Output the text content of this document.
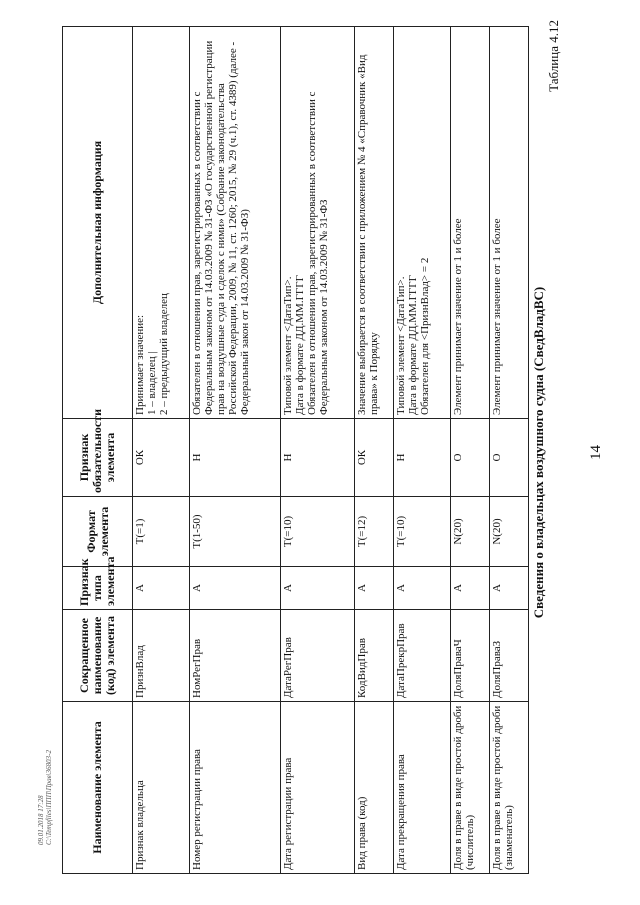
14
Таблица 4.12
Сведения о владельцах воздушного судна (СведВладВС)
Наименование элемента	Сокращенное наименование (код) элемента	Признак типа элемента	Формат элемента	Признак обязательности элемента	Дополнительная информация
Признак владельца	ПризнВлад	А	T(=1)	ОК	Принимает значение:
1 – владелец |
2 – предыдущий владелец
Номер регистрации права	НомРегПрав	А	T(1-50)	Н	Обязателен в отношении прав, зарегистрированных в соответствии с Федеральным законом от 14.03.2009 № 31-ФЗ «О государственной регистрации прав на воздушные суда и сделок с ними» (Собрание законодательства Российской Федерации, 2009, № 11, ст. 1260; 2015, № 29 (ч.1), ст. 4389) (далее - Федеральный закон от 14.03.2009 № 31-ФЗ)
Дата регистрации права	ДатаРегПрав	А	T(=10)	Н	Типовой элемент <ДатаТип>.
Дата в формате ДД.ММ.ГГГГ
Обязателен в отношении прав, зарегистрированных в соответствии с Федеральным законом от 14.03.2009 № 31-ФЗ
Вид права (код)	КодВидПрав	А	T(=12)	ОК	Значение выбирается в соответствии с приложением № 4 «Справочник «Вид права» к Порядку
Дата прекращения права	ДатаПрекрПрав	А	T(=10)	Н	Типовой элемент <ДатаТип>.
Дата в формате ДД.ММ.ГГГГ
Обязателен для <ПризнВлад> = 2
Доля в праве в виде простой дроби (числитель)	ДоляПраваЧ	А	N(20)	О	Элемент принимает значение от 1 и более
Доля в праве в виде простой дроби (знаменатель)	ДоляПраваЗ	А	N(20)	О	Элемент принимает значение от 1 и более
09.01.2018 17:28
C:\Tempfiles\ППП\Прав\36803-2
